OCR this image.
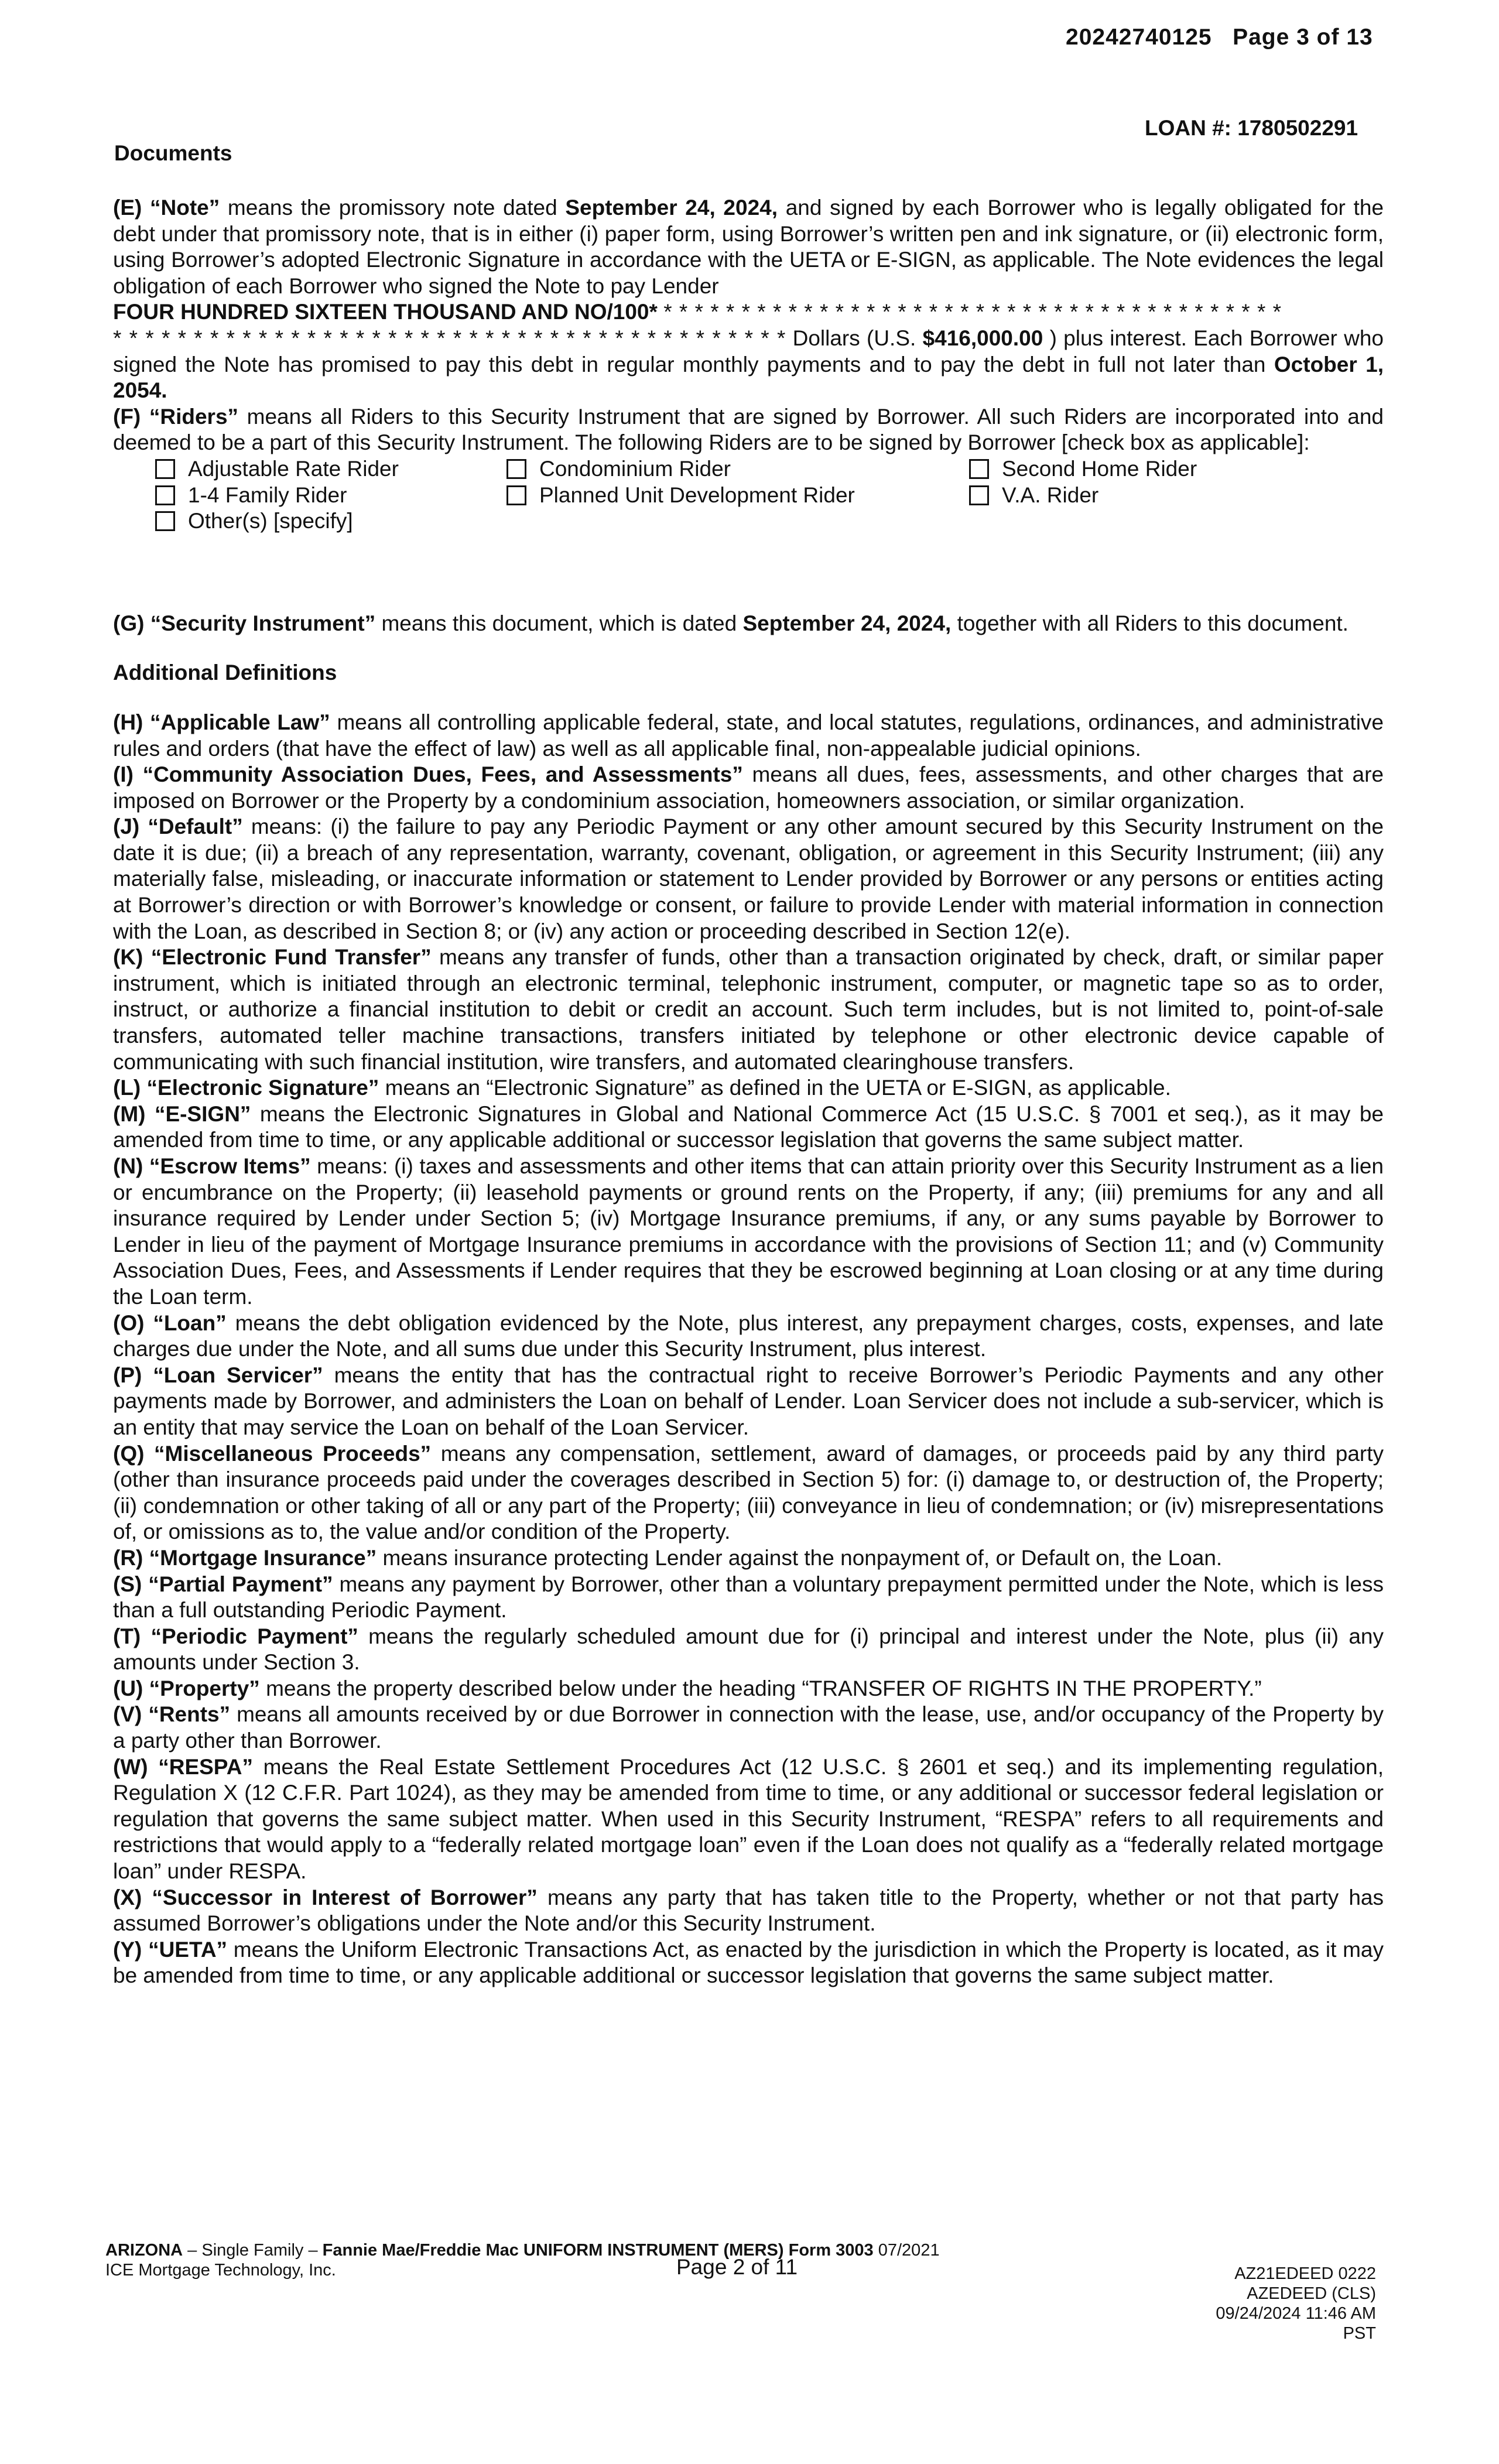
20242740125 Page 3 of 13
LOAN #: 1780502291
Documents

(E) “Note” means the promissory note dated September 24, 2024, and signed by each Borrower who is legally obligated for the debt under that promissory note, that is in either (i) paper form, using Borrower’s written pen and ink signature, or (ii) electronic form, using Borrower’s adopted Electronic Signature in accordance with the UETA or E-SIGN, as applicable. The Note evidences the legal obligation of each Borrower who signed the Note to pay Lender
FOUR HUNDRED SIXTEEN THOUSAND AND NO/100* * * * * * * * * * * * * * * * * * * * * * * * * * * * * * * * * * * * * * * * *
* * * * * * * * * * * * * * * * * * * * * * * * * * * * * * * * * * * * * * * * * * Dollars (U.S. $416,000.00 ) plus interest. Each Borrower who signed the Note has promised to pay this debt in regular monthly payments and to pay the debt in full not later than October 1, 2054.

(F) “Riders” means all Riders to this Security Instrument that are signed by Borrower. All such Riders are incorporated into and deemed to be a part of this Security Instrument. The following Riders are to be signed by Borrower [check box as applicable]:

Adjustable Rate Rider	Condominium Rider	Second Home Rider
1-4 Family Rider	Planned Unit Development Rider	V.A. Rider
Other(s) [specify]

(G) “Security Instrument” means this document, which is dated September 24, 2024, together with all Riders to this document.

Additional Definitions

(H) “Applicable Law” means all controlling applicable federal, state, and local statutes, regulations, ordinances, and administrative rules and orders (that have the effect of law) as well as all applicable final, non-appealable judicial opinions.

(I) “Community Association Dues, Fees, and Assessments” means all dues, fees, assessments, and other charges that are imposed on Borrower or the Property by a condominium association, homeowners association, or similar organization.

(J) “Default” means: (i) the failure to pay any Periodic Payment or any other amount secured by this Security Instrument on the date it is due; (ii) a breach of any representation, warranty, covenant, obligation, or agreement in this Security Instrument; (iii) any materially false, misleading, or inaccurate information or statement to Lender provided by Borrower or any persons or entities acting at Borrower’s direction or with Borrower’s knowledge or consent, or failure to provide Lender with material information in connection with the Loan, as described in Section 8; or (iv) any action or proceeding described in Section 12(e).

(K) “Electronic Fund Transfer” means any transfer of funds, other than a transaction originated by check, draft, or similar paper instrument, which is initiated through an electronic terminal, telephonic instrument, computer, or magnetic tape so as to order, instruct, or authorize a financial institution to debit or credit an account. Such term includes, but is not limited to, point-of-sale transfers, automated teller machine transactions, transfers initiated by telephone or other electronic device capable of communicating with such financial institution, wire transfers, and automated clearinghouse transfers.

(L) “Electronic Signature” means an “Electronic Signature” as defined in the UETA or E-SIGN, as applicable.

(M) “E-SIGN” means the Electronic Signatures in Global and National Commerce Act (15 U.S.C. § 7001 et seq.), as it may be amended from time to time, or any applicable additional or successor legislation that governs the same subject matter.

(N) “Escrow Items” means: (i) taxes and assessments and other items that can attain priority over this Security Instrument as a lien or encumbrance on the Property; (ii) leasehold payments or ground rents on the Property, if any; (iii) premiums for any and all insurance required by Lender under Section 5; (iv) Mortgage Insurance premiums, if any, or any sums payable by Borrower to Lender in lieu of the payment of Mortgage Insurance premiums in accordance with the provisions of Section 11; and (v) Community Association Dues, Fees, and Assessments if Lender requires that they be escrowed beginning at Loan closing or at any time during the Loan term.

(O) “Loan” means the debt obligation evidenced by the Note, plus interest, any prepayment charges, costs, expenses, and late charges due under the Note, and all sums due under this Security Instrument, plus interest.

(P) “Loan Servicer” means the entity that has the contractual right to receive Borrower’s Periodic Payments and any other payments made by Borrower, and administers the Loan on behalf of Lender. Loan Servicer does not include a sub-servicer, which is an entity that may service the Loan on behalf of the Loan Servicer.

(Q) “Miscellaneous Proceeds” means any compensation, settlement, award of damages, or proceeds paid by any third party (other than insurance proceeds paid under the coverages described in Section 5) for: (i) damage to, or destruction of, the Property; (ii) condemnation or other taking of all or any part of the Property; (iii) conveyance in lieu of condemnation; or (iv) misrepresentations of, or omissions as to, the value and/or condition of the Property.

(R) “Mortgage Insurance” means insurance protecting Lender against the nonpayment of, or Default on, the Loan.

(S) “Partial Payment” means any payment by Borrower, other than a voluntary prepayment permitted under the Note, which is less than a full outstanding Periodic Payment.

(T) “Periodic Payment” means the regularly scheduled amount due for (i) principal and interest under the Note, plus (ii) any amounts under Section 3.

(U) “Property” means the property described below under the heading “TRANSFER OF RIGHTS IN THE PROPERTY.”

(V) “Rents” means all amounts received by or due Borrower in connection with the lease, use, and/or occupancy of the Property by a party other than Borrower.

(W) “RESPA” means the Real Estate Settlement Procedures Act (12 U.S.C. § 2601 et seq.) and its implementing regulation, Regulation X (12 C.F.R. Part 1024), as they may be amended from time to time, or any additional or successor federal legislation or regulation that governs the same subject matter. When used in this Security Instrument, “RESPA” refers to all requirements and restrictions that would apply to a “federally related mortgage loan” even if the Loan does not qualify as a “federally related mortgage loan” under RESPA.

(X) “Successor in Interest of Borrower” means any party that has taken title to the Property, whether or not that party has assumed Borrower’s obligations under the Note and/or this Security Instrument.

(Y) “UETA” means the Uniform Electronic Transactions Act, as enacted by the jurisdiction in which the Property is located, as it may be amended from time to time, or any applicable additional or successor legislation that governs the same subject matter.

ARIZONA – Single Family – Fannie Mae/Freddie Mac UNIFORM INSTRUMENT (MERS) Form 3003 07/2021
ICE Mortgage Technology, Inc.	Page 2 of 11	AZ21EDEED 0222
AZEDEED (CLS)
09/24/2024 11:46 AM PST
